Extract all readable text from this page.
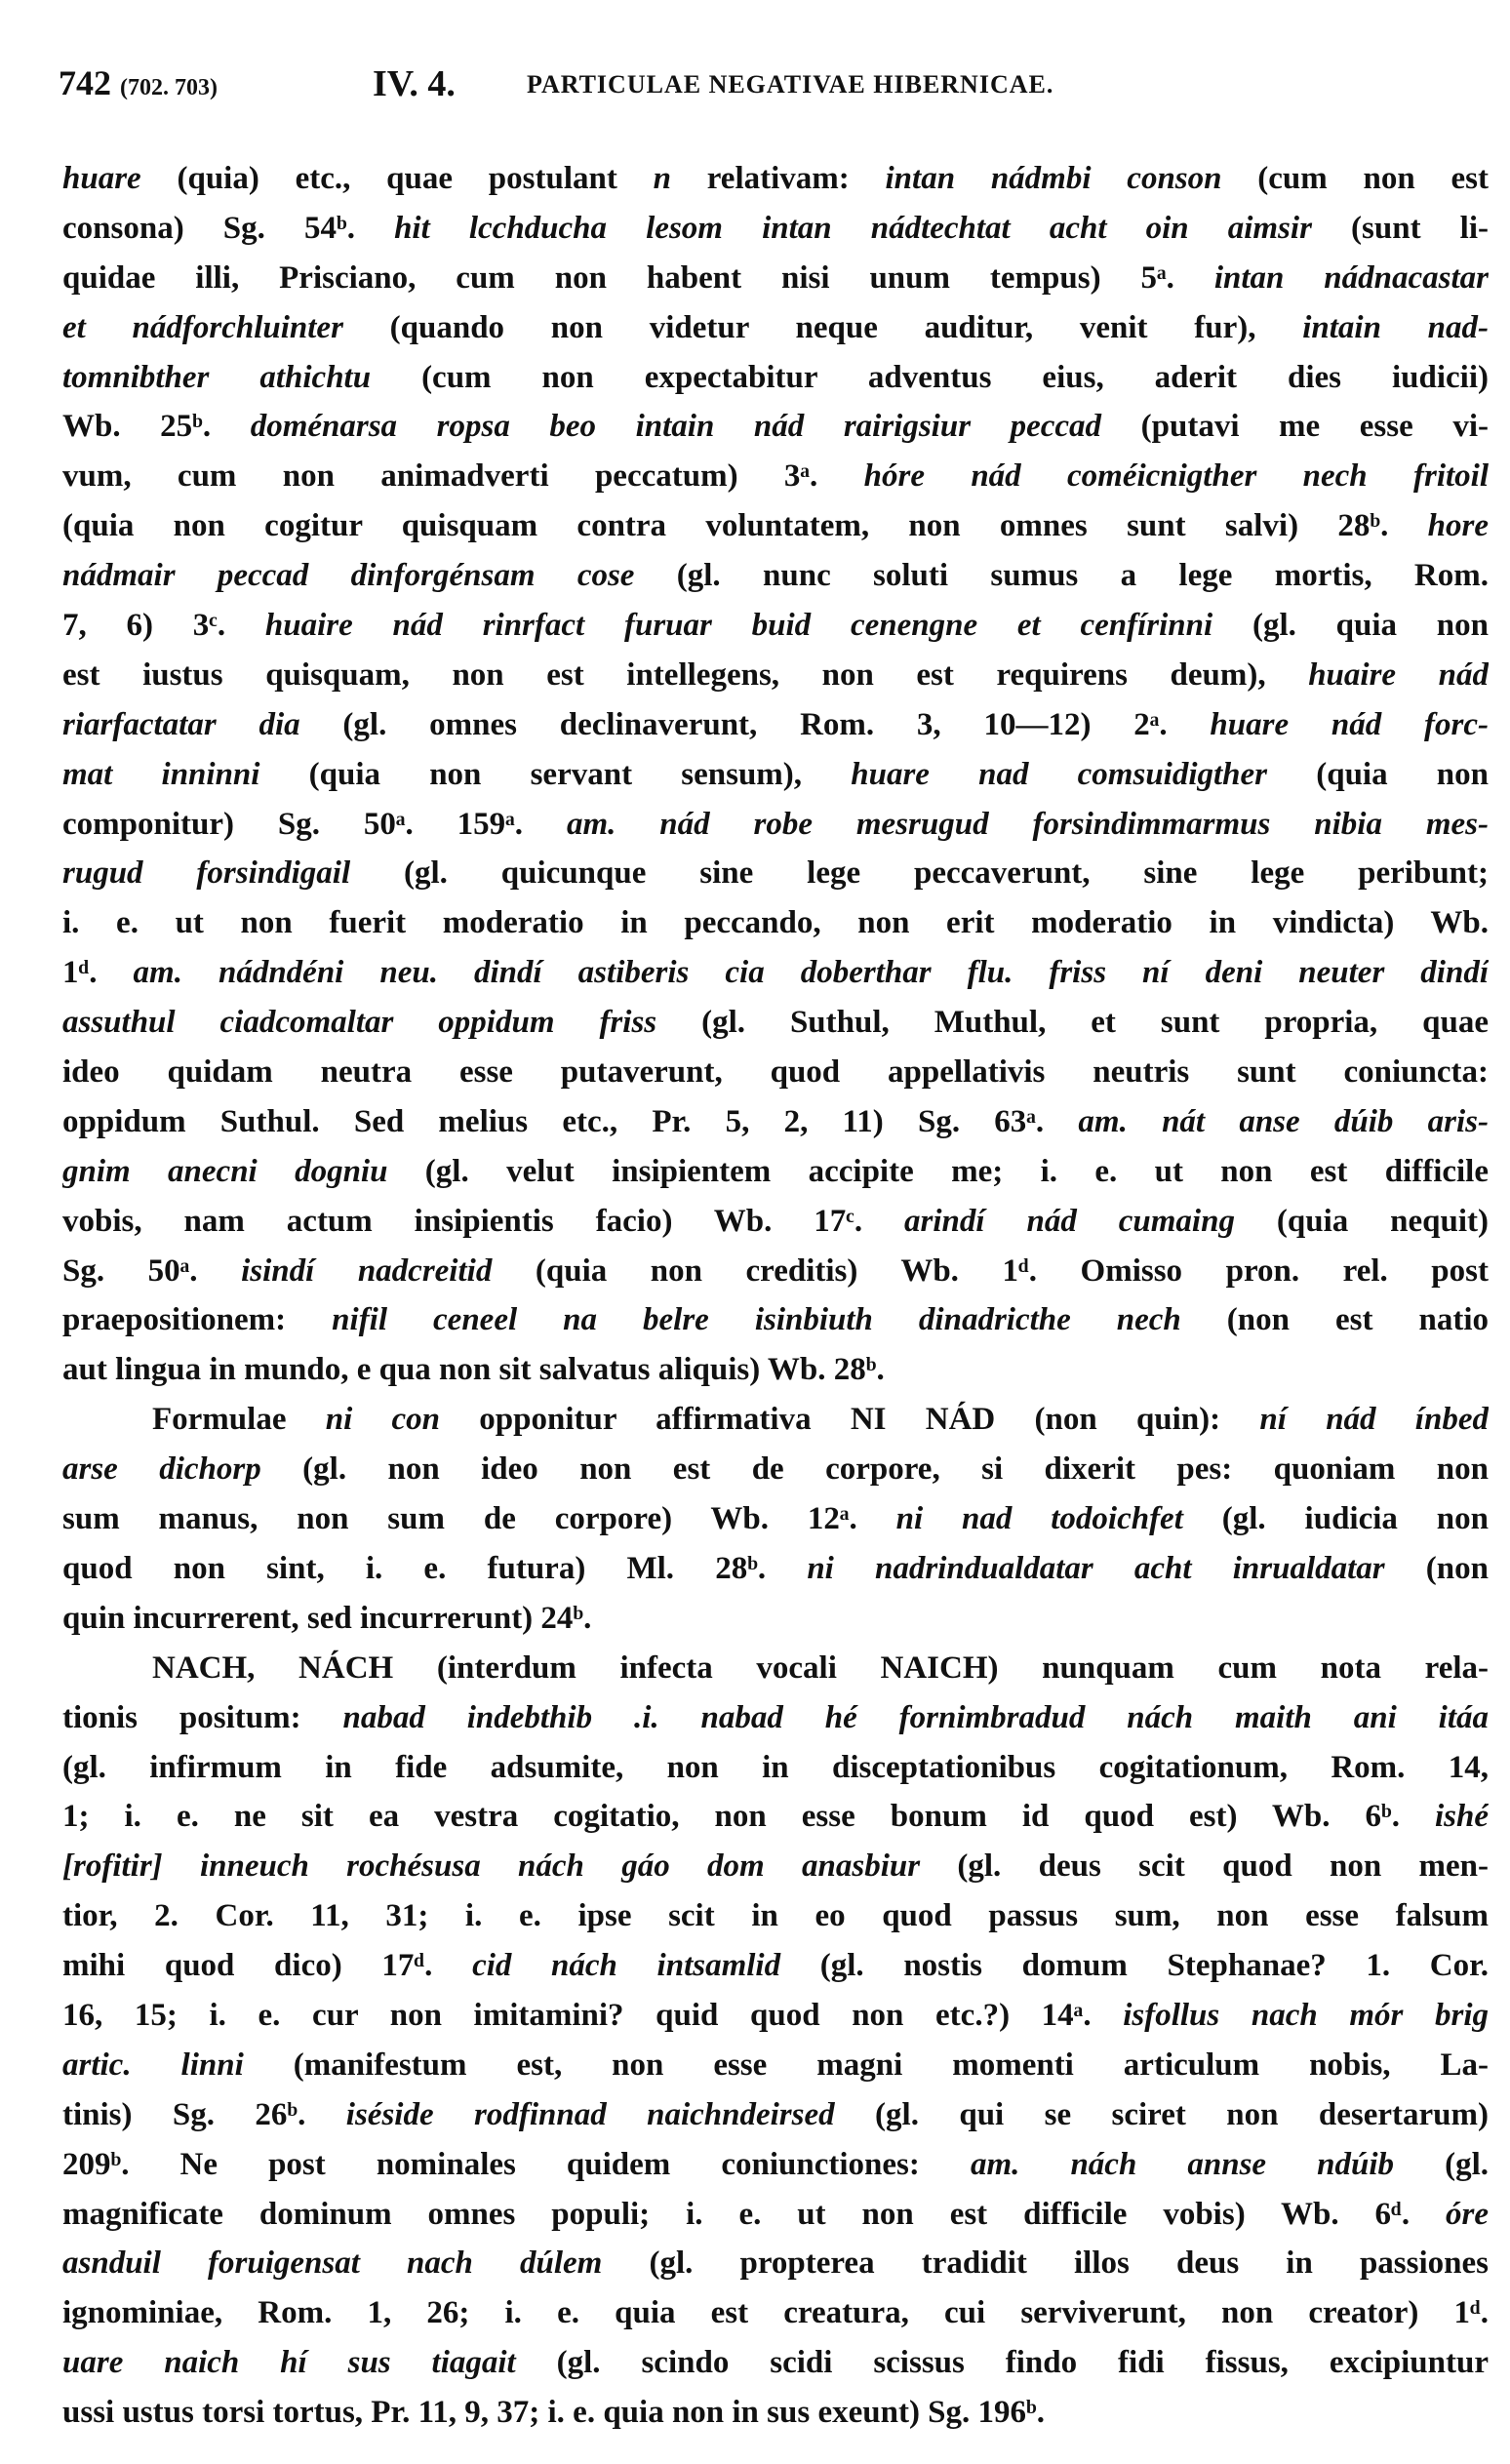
742 (702. 703)	IV. 4.	PARTICULAE NEGATIVAE HIBERNICAE.
huare (quia) etc., quae postulant n relativam: intan nádmbi conson (cum non est
consona) Sg. 54ᵇ. hit lcchducha lesom intan nádtechtat acht oin aimsir (sunt li-
quidae illi, Prisciano, cum non habent nisi unum tempus) 5ᵃ. intan nádnacastar
et nádforchluinter (quando non videtur neque auditur, venit fur), intain nad-
tomnibther athichtu (cum non expectabitur adventus eius, aderit dies iudicii)
Wb. 25ᵇ. doménarsa ropsa beo intain nád rairigsiur peccad (putavi me esse vi-
vum, cum non animadverti peccatum) 3ᵃ. hóre nád coméicnigther nech fritoil
(quia non cogitur quisquam contra voluntatem, non omnes sunt salvi) 28ᵇ. hore
nádmair peccad dinforgénsam cose (gl. nunc soluti sumus a lege mortis, Rom.
7, 6) 3ᶜ. huaire nád rinrfact furuar buid cenengne et cenfírinni (gl. quia non
est iustus quisquam, non est intellegens, non est requirens deum), huaire nád
riarfactatar dia (gl. omnes declinaverunt, Rom. 3, 10—12) 2ᵃ. huare nád forc-
mat inninni (quia non servant sensum), huare nad comsuidigther (quia non
componitur) Sg. 50ᵃ. 159ᵃ. am. nád robe mesrugud forsindimmarmus nibia mes-
rugud forsindigail (gl. quicunque sine lege peccaverunt, sine lege peribunt;
i. e. ut non fuerit moderatio in peccando, non erit moderatio in vindicta) Wb.
1ᵈ. am. nádndéni neu. dindí astiberis cia doberthar flu. friss ní deni neuter dindí
assuthul ciadcomaltar oppidum friss (gl. Suthul, Muthul, et sunt propria, quae
ideo quidam neutra esse putaverunt, quod appellativis neutris sunt coniuncta:
oppidum Suthul. Sed melius etc., Pr. 5, 2, 11) Sg. 63ᵃ. am. nát anse dúib aris-
gnim anecni dogniu (gl. velut insipientem accipite me; i. e. ut non est difficile
vobis, nam actum insipientis facio) Wb. 17ᶜ. arindí nád cumaing (quia nequit)
Sg. 50ᵃ. isindí nadcreitid (quia non creditis) Wb. 1ᵈ. Omisso pron. rel. post
praepositionem: nifil ceneel na belre isinbiuth dinadricthe nech (non est natio
aut lingua in mundo, e qua non sit salvatus aliquis) Wb. 28ᵇ.
Formulae ni con opponitur affirmativa NI NÁD (non quin): ní nád ínbed
arse dichorp (gl. non ideo non est de corpore, si dixerit pes: quoniam non
sum manus, non sum de corpore) Wb. 12ᵃ. ni nad todoichfet (gl. iudicia non
quod non sint, i. e. futura) Ml. 28ᵇ. ni nadrindualdatar acht inrualdatar (non
quin incurrerent, sed incurrerunt) 24ᵇ.
NACH, NÁCH (interdum infecta vocali NAICH) nunquam cum nota rela-
tionis positum: nabad indebthib .i. nabad hé fornimbradud nách maith ani itáa
(gl. infirmum in fide adsumite, non in disceptationibus cogitationum, Rom. 14,
1; i. e. ne sit ea vestra cogitatio, non esse bonum id quod est) Wb. 6ᵇ. ishé
[rofitir] inneuch rochésusa nách gáo dom anasbiur (gl. deus scit quod non men-
tior, 2. Cor. 11, 31; i. e. ipse scit in eo quod passus sum, non esse falsum
mihi quod dico) 17ᵈ. cid nách intsamlid (gl. nostis domum Stephanae? 1. Cor.
16, 15; i. e. cur non imitamini? quid quod non etc.?) 14ᵃ. isfollus nach mór brig
artic. linni (manifestum est, non esse magni momenti articulum nobis, La-
tinis) Sg. 26ᵇ. iséside rodfinnad naichndeirsed (gl. qui se sciret non desertarum)
209ᵇ. Ne post nominales quidem coniunctiones: am. nách annse ndúib (gl.
magnificate dominum omnes populi; i. e. ut non est difficile vobis) Wb. 6ᵈ. óre
asnduil foruigensat nach dúlem (gl. propterea tradidit illos deus in passiones
ignominiae, Rom. 1, 26; i. e. quia est creatura, cui serviverunt, non creator) 1ᵈ.
uare naich hí sus tiagait (gl. scindo scidi scissus findo fidi fissus, excipiuntur
ussi ustus torsi tortus, Pr. 11, 9, 37; i. e. quia non in sus exeunt) Sg. 196ᵇ.
